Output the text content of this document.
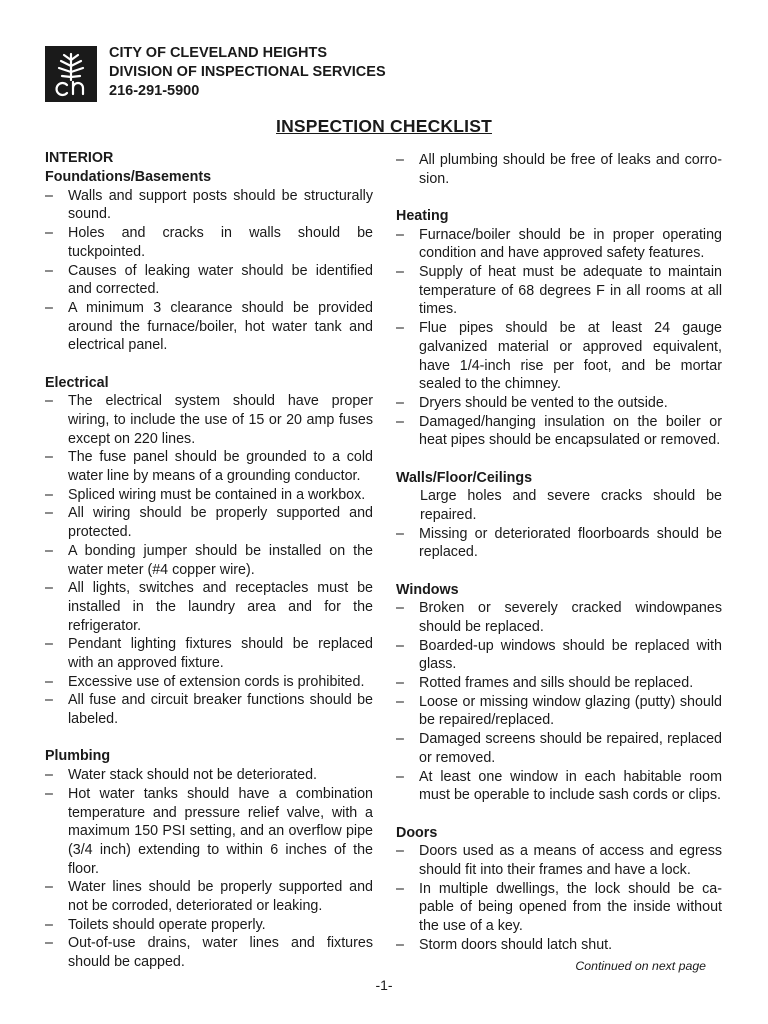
CITY OF CLEVELAND HEIGHTS
DIVISION OF INSPECTIONAL SERVICES
216-291-5900
INSPECTION CHECKLIST
INTERIOR
Foundations/Basements
– Walls and support posts should be structurally sound.
– Holes and cracks in walls should be tuckpointed.
– Causes of leaking water should be identified and corrected.
– A minimum 3 clearance should be provided around the furnace/boiler, hot water tank and electrical panel.
Electrical
– The electrical system should have proper wiring, to include the use of 15 or 20 amp fuses except on 220 lines.
– The fuse panel should be grounded to a cold water line by means of a grounding conductor.
– Spliced wiring must be contained in a workbox.
– All wiring should be properly supported and protected.
– A bonding jumper should be installed on the water meter (#4 copper wire).
– All lights, switches and receptacles must be installed in the laundry area and for the refrigerator.
– Pendant lighting fixtures should be replaced with an approved fixture.
– Excessive use of extension cords is prohibited.
– All fuse and circuit breaker functions should be labeled.
Plumbing
– Water stack should not be deteriorated.
– Hot water tanks should have a combination temperature and pressure relief valve, with a maximum 150 PSI setting, and an overflow pipe (3/4 inch) extending to within 6 inches of the floor.
– Water lines should be properly supported and not be corroded, deteriorated or leaking.
– Toilets should operate properly.
– Out-of-use drains, water lines and fixtures should be capped.
– All plumbing should be free of leaks and corro- sion.
Heating
– Furnace/boiler should be in proper operating condition and have approved safety features.
– Supply of heat must be adequate to maintain temperature of 68 degrees F in all rooms at all times.
– Flue pipes should be at least 24 gauge galvanized material or approved equivalent, have 1/4-inch rise per foot, and be mortar sealed to the chimney.
– Dryers should be vented to the outside.
– Damaged/hanging insulation on the boiler or heat pipes should be encapsulated or removed.
Walls/Floor/Ceilings
Large holes and severe cracks should be repaired.
– Missing or deteriorated floorboards should be replaced.
Windows
– Broken or severely cracked windowpanes should be replaced.
– Boarded-up windows should be replaced with glass.
– Rotted frames and sills should be replaced.
– Loose or missing window glazing (putty) should be repaired/replaced.
– Damaged screens should be repaired, replaced or removed.
– At least one window in each habitable room must be operable to include sash cords or clips.
Doors
– Doors used as a means of access and egress should fit into their frames and have a lock.
– In multiple dwellings, the lock should be ca- pable of being opened from the inside without the use of a key.
– Storm doors should latch shut.
Continued on next page
-1-
